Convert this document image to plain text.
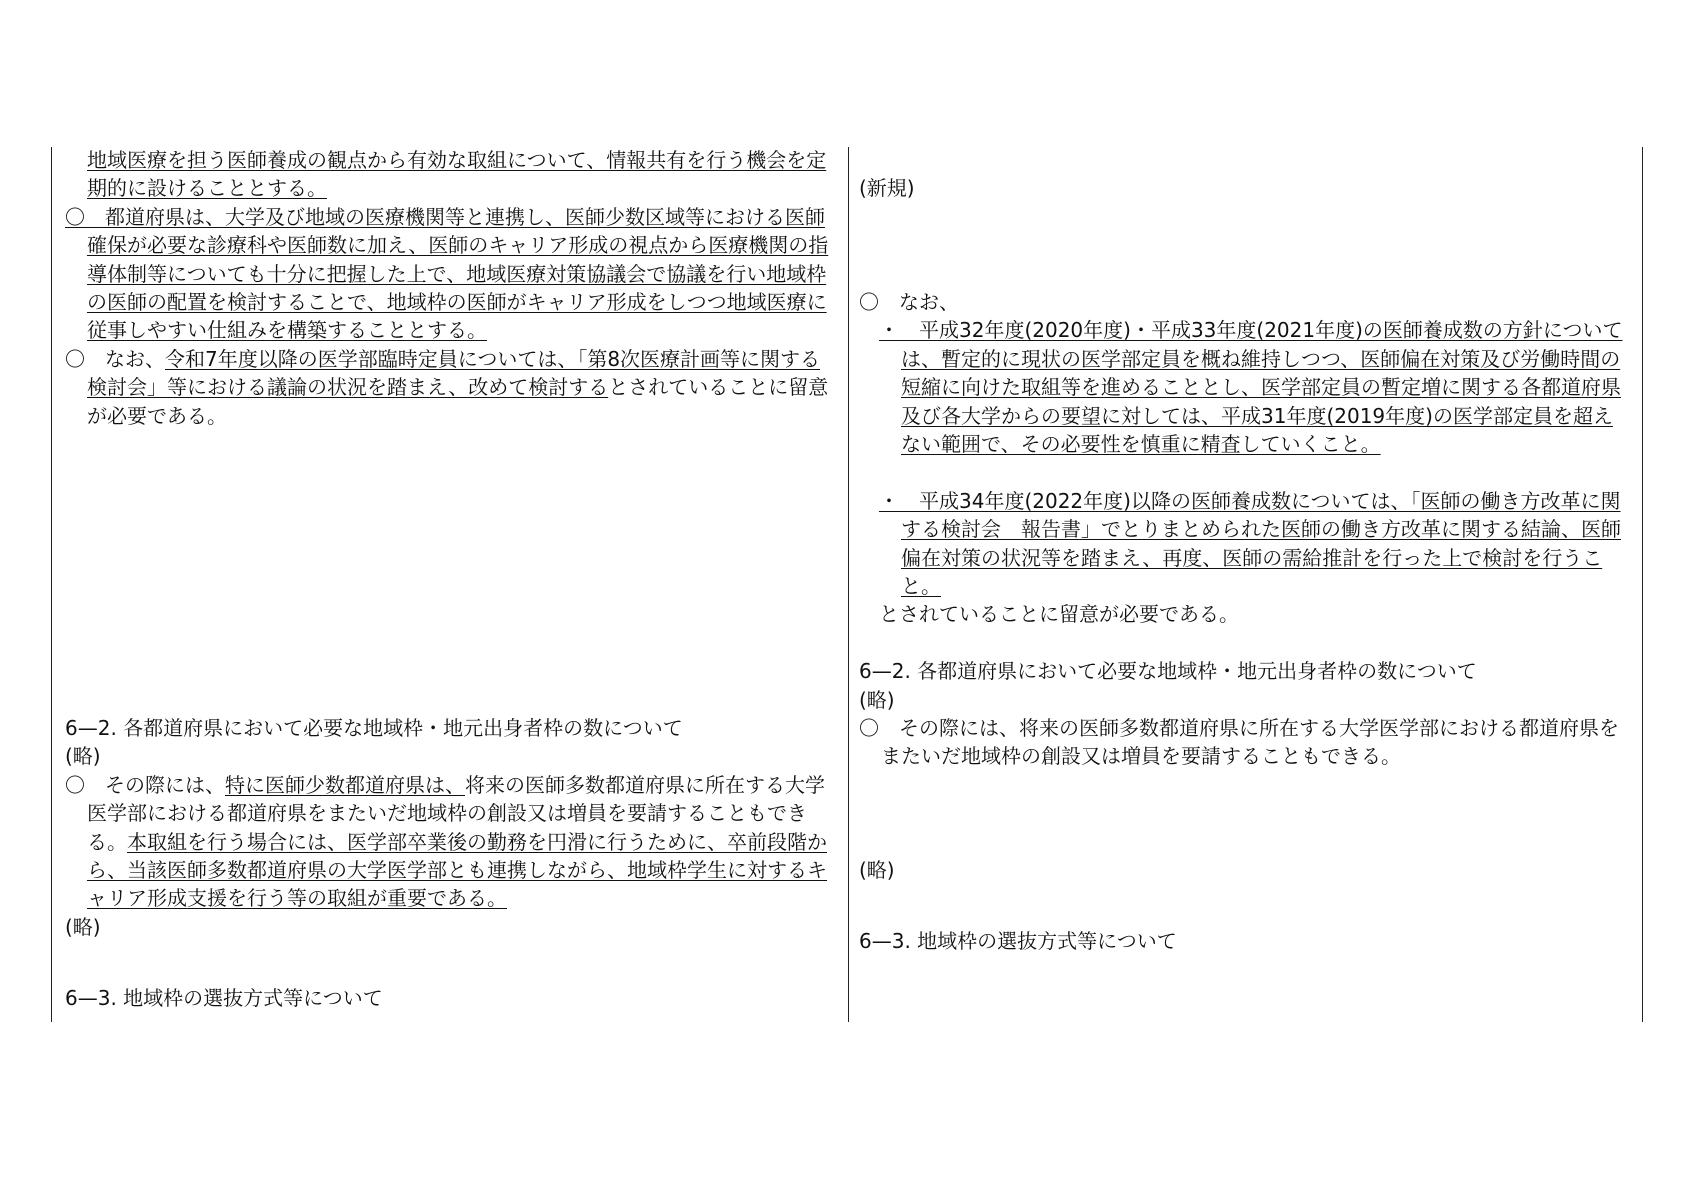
地域医療を担う医師養成の観点から有効な取組について、情報共有を行う機会を定期的に設けることとする。

〇　都道府県は、大学及び地域の医療機関等と連携し、医師少数区域等における医師確保が必要な診療科や医師数に加え、医師のキャリア形成の視点から医療機関の指導体制等についても十分に把握した上で、地域医療対策協議会で協議を行い地域枠の医師の配置を検討することで、地域枠の医師がキャリア形成をしつつ地域医療に従事しやすい仕組みを構築することとする。

〇　なお、令和7年度以降の医学部臨時定員については、「第8次医療計画等に関する検討会」等における議論の状況を踏まえ、改めて検討するとされていることに留意が必要である。

6—2. 各都道府県において必要な地域枠・地元出身者枠の数について

(略)

〇　その際には、特に医師少数都道府県は、将来の医師多数都道府県に所在する大学医学部における都道府県をまたいだ地域枠の創設又は増員を要請することもできる。本取組を行う場合には、医学部卒業後の勤務を円滑に行うために、卒前段階から、当該医師多数都道府県の大学医学部とも連携しながら、地域枠学生に対するキャリア形成支援を行う等の取組が重要である。

(略)

6—3. 地域枠の選抜方式等について

(新規)

〇　なお、

・　平成32年度(2020年度)・平成33年度(2021年度)の医師養成数の方針については、暫定的に現状の医学部定員を概ね維持しつつ、医師偏在対策及び労働時間の短縮に向けた取組等を進めることとし、医学部定員の暫定増に関する各都道府県及び各大学からの要望に対しては、平成31年度(2019年度)の医学部定員を超えない範囲で、その必要性を慎重に精査していくこと。

・　平成34年度(2022年度)以降の医師養成数については、「医師の働き方改革に関する検討会　報告書」でとりまとめられた医師の働き方改革に関する結論、医師偏在対策の状況等を踏まえ、再度、医師の需給推計を行った上で検討を行うこと。

とされていることに留意が必要である。

6—2. 各都道府県において必要な地域枠・地元出身者枠の数について

(略)

〇　その際には、将来の医師多数都道府県に所在する大学医学部における都道府県をまたいだ地域枠の創設又は増員を要請することもできる。

(略)

6—3. 地域枠の選抜方式等について
